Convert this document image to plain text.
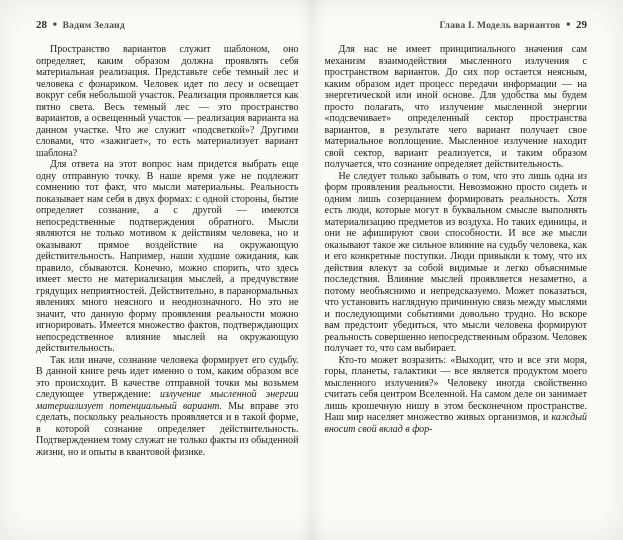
28 ■ Вадим Зеланд

Пространство вариантов служит шаблоном, оно определяет, каким образом должна проявлять себя материальная реализация. Представьте себе темный лес и человека с фонариком. Человек идет по лесу и освещает вокруг себя небольшой участок. Реализация проявляется как пятно света. Весь темный лес — это пространство вариантов, а освещенный участок — реализация варианта на данном участке. Что же служит «подсветкой»? Другими словами, что «зажигает», то есть материализует вариант шаблона?

Для ответа на этот вопрос нам придется выбрать еще одну отправную точку. В наше время уже не подлежит сомнению тот факт, что мысли материальны. Реальность показывает нам себя в двух формах: с одной стороны, бытие определяет сознание, а с другой — имеются непосредственные подтверждения обратного. Мысли являются не только мотивом к действиям человека, но и оказывают прямое воздействие на окружающую действительность. Например, наши худшие ожидания, как правило, сбываются. Конечно, можно спорить, что здесь имеет место не материализация мыслей, а предчувствие грядущих неприятностей. Действительно, в паранормальных явлениях много неясного и неоднозначного. Но это не значит, что данную форму проявления реальности можно игнорировать. Имеется множество фактов, подтверждающих непосредственное влияние мыслей на окружающую действительность.

Так или иначе, сознание человека формирует его судьбу. В данной книге речь идет именно о том, каким образом все это происходит. В качестве отправной точки мы возьмем следующее утверждение: излучение мысленной энергии материализует потенциальный вариант. Мы вправе это сделать, поскольку реальность проявляется и в такой форме, в которой сознание определяет действительность. Подтверждением тому служат не только факты из обыденной жизни, но и опыты в квантовой физике.

Глава I. Модель вариантов ■ 29

Для нас не имеет принципиального значения сам механизм взаимодействия мысленного излучения с пространством вариантов. До сих пор остается неясным, каким образом идет процесс передачи информации — на энергетической или иной основе. Для удобства мы будем просто полагать, что излучение мысленной энергии «подсвечивает» определенный сектор пространства вариантов, в результате чего вариант получает свое материальное воплощение. Мысленное излучение находит свой сектор, вариант реализуется, и таким образом получается, что сознание определяет действительность.

Не следует только забывать о том, что это лишь одна из форм проявления реальности. Невозможно просто сидеть и одним лишь созерцанием формировать реальность. Хотя есть люди, которые могут в буквальном смысле выполнять материализацию предметов из воздуха. Но таких единицы, и они не афишируют свои способности. И все же мысли оказывают такое же сильное влияние на судьбу человека, как и его конкретные поступки. Люди привыкли к тому, что их действия влекут за собой видимые и легко объяснимые последствия. Влияние мыслей проявляется незаметно, а потому необъяснимо и непредсказуемо. Может показаться, что установить наглядную причинную связь между мыслями и последующими событиями довольно трудно. Но вскоре вам предстоит убедиться, что мысли человека формируют реальность совершенно непосредственным образом. Человек получает то, что сам выбирает.

Кто-то может возразить: «Выходит, что и все эти моря, горы, планеты, галактики — все является продуктом моего мысленного излучения?» Человеку иногда свойственно считать себя центром Вселенной. На самом деле он занимает лишь крошечную нишу в этом бесконечном пространстве. Наш мир населяет множество живых организмов, и каждый вносит свой вклад в фор-
